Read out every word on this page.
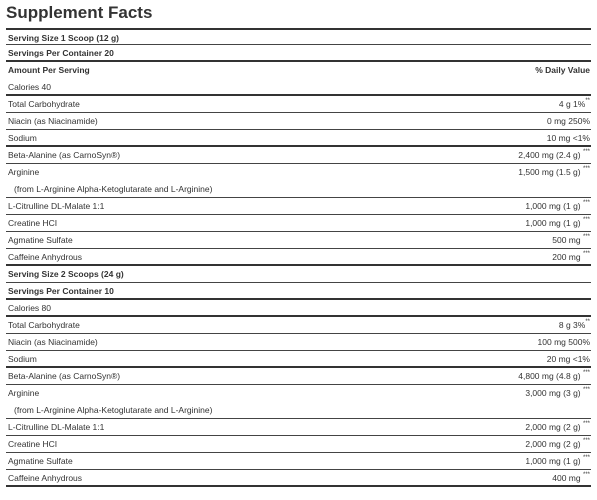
Supplement Facts
Serving Size 1 Scoop (12 g)
Servings Per Container 20
Amount Per Serving	% Daily Value
Calories 40
Total Carbohydrate	4 g 1%**
Niacin (as Niacinamide)	0 mg 250%
Sodium	10 mg <1%
Beta-Alanine (as CarnoSyn®)	2,400 mg (2.4 g) ***
Arginine	1,500 mg (1.5 g) ***
(from L-Arginine Alpha-Ketoglutarate and L-Arginine)
L-Citrulline DL-Malate 1:1	1,000 mg (1 g) ***
Creatine HCI	1,000 mg (1 g) ***
Agmatine Sulfate	500 mg ***
Caffeine Anhydrous	200 mg ***
Serving Size 2 Scoops (24 g)
Servings Per Container 10
Calories 80
Total Carbohydrate	8 g 3%**
Niacin (as Niacinamide)	100 mg 500%
Sodium	20 mg <1%
Beta-Alanine (as CarnoSyn®)	4,800 mg (4.8 g) ***
Arginine	3,000 mg (3 g) ***
(from L-Arginine Alpha-Ketoglutarate and L-Arginine)
L-Citrulline DL-Malate 1:1	2,000 mg (2 g) ***
Creatine HCI	2,000 mg (2 g) ***
Agmatine Sulfate	1,000 mg (1 g) ***
Caffeine Anhydrous	400 mg ***
